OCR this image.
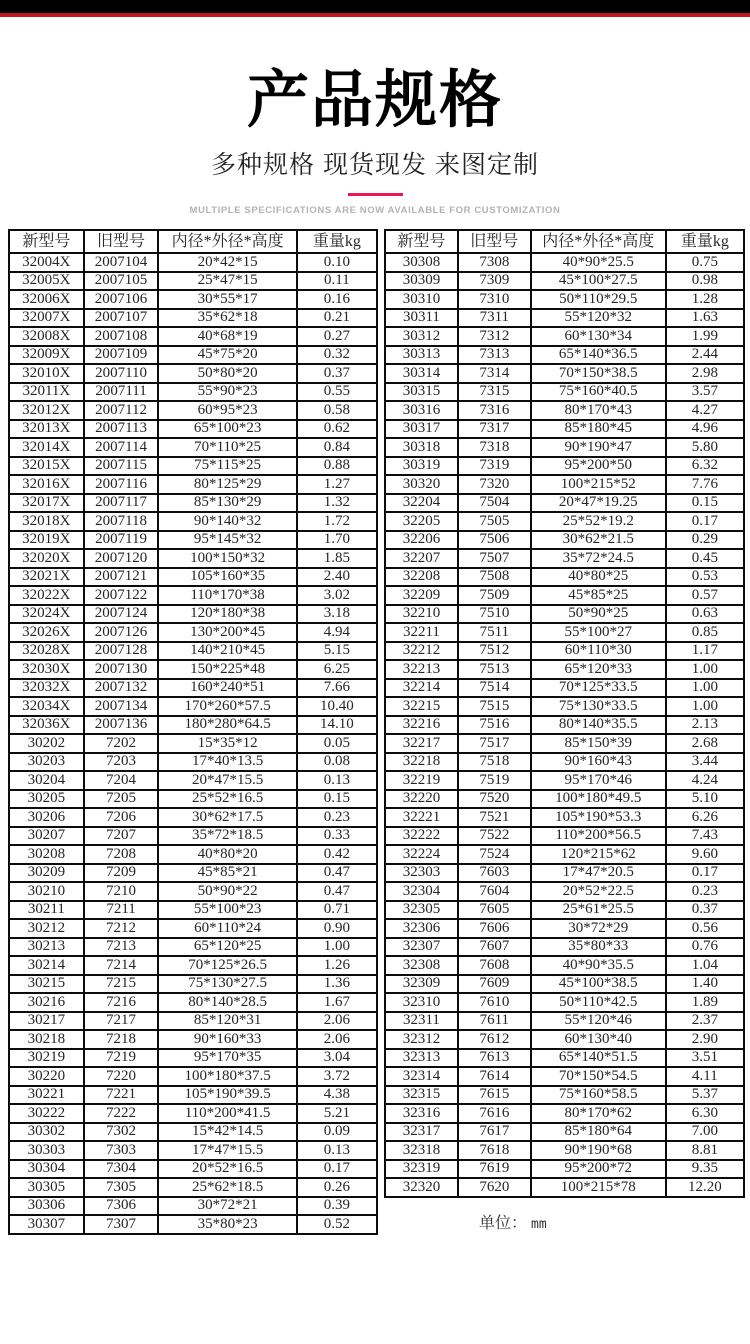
产品规格
多种规格 现货现发 来图定制
MULTIPLE SPECIFICATIONS ARE NOW AVAILABLE FOR CUSTOMIZATION
新型号	旧型号	内径*外径*高度	重量kg
32004X	2007104	20*42*15	0.10
32005X	2007105	25*47*15	0.11
32006X	2007106	30*55*17	0.16
32007X	2007107	35*62*18	0.21
32008X	2007108	40*68*19	0.27
32009X	2007109	45*75*20	0.32
32010X	2007110	50*80*20	0.37
32011X	2007111	55*90*23	0.55
32012X	2007112	60*95*23	0.58
32013X	2007113	65*100*23	0.62
32014X	2007114	70*110*25	0.84
32015X	2007115	75*115*25	0.88
32016X	2007116	80*125*29	1.27
32017X	2007117	85*130*29	1.32
32018X	2007118	90*140*32	1.72
32019X	2007119	95*145*32	1.70
32020X	2007120	100*150*32	1.85
32021X	2007121	105*160*35	2.40
32022X	2007122	110*170*38	3.02
32024X	2007124	120*180*38	3.18
32026X	2007126	130*200*45	4.94
32028X	2007128	140*210*45	5.15
32030X	2007130	150*225*48	6.25
32032X	2007132	160*240*51	7.66
32034X	2007134	170*260*57.5	10.40
32036X	2007136	180*280*64.5	14.10
30202	7202	15*35*12	0.05
30203	7203	17*40*13.5	0.08
30204	7204	20*47*15.5	0.13
30205	7205	25*52*16.5	0.15
30206	7206	30*62*17.5	0.23
30207	7207	35*72*18.5	0.33
30208	7208	40*80*20	0.42
30209	7209	45*85*21	0.47
30210	7210	50*90*22	0.47
30211	7211	55*100*23	0.71
30212	7212	60*110*24	0.90
30213	7213	65*120*25	1.00
30214	7214	70*125*26.5	1.26
30215	7215	75*130*27.5	1.36
30216	7216	80*140*28.5	1.67
30217	7217	85*120*31	2.06
30218	7218	90*160*33	2.06
30219	7219	95*170*35	3.04
30220	7220	100*180*37.5	3.72
30221	7221	105*190*39.5	4.38
30222	7222	110*200*41.5	5.21
30302	7302	15*42*14.5	0.09
30303	7303	17*47*15.5	0.13
30304	7304	20*52*16.5	0.17
30305	7305	25*62*18.5	0.26
30306	7306	30*72*21	0.39
30307	7307	35*80*23	0.52
新型号	旧型号	内径*外径*高度	重量kg
30308	7308	40*90*25.5	0.75
30309	7309	45*100*27.5	0.98
30310	7310	50*110*29.5	1.28
30311	7311	55*120*32	1.63
30312	7312	60*130*34	1.99
30313	7313	65*140*36.5	2.44
30314	7314	70*150*38.5	2.98
30315	7315	75*160*40.5	3.57
30316	7316	80*170*43	4.27
30317	7317	85*180*45	4.96
30318	7318	90*190*47	5.80
30319	7319	95*200*50	6.32
30320	7320	100*215*52	7.76
32204	7504	20*47*19.25	0.15
32205	7505	25*52*19.2	0.17
32206	7506	30*62*21.5	0.29
32207	7507	35*72*24.5	0.45
32208	7508	40*80*25	0.53
32209	7509	45*85*25	0.57
32210	7510	50*90*25	0.63
32211	7511	55*100*27	0.85
32212	7512	60*110*30	1.17
32213	7513	65*120*33	1.00
32214	7514	70*125*33.5	1.00
32215	7515	75*130*33.5	1.00
32216	7516	80*140*35.5	2.13
32217	7517	85*150*39	2.68
32218	7518	90*160*43	3.44
32219	7519	95*170*46	4.24
32220	7520	100*180*49.5	5.10
32221	7521	105*190*53.3	6.26
32222	7522	110*200*56.5	7.43
32224	7524	120*215*62	9.60
32303	7603	17*47*20.5	0.17
32304	7604	20*52*22.5	0.23
32305	7605	25*61*25.5	0.37
32306	7606	30*72*29	0.56
32307	7607	35*80*33	0.76
32308	7608	40*90*35.5	1.04
32309	7609	45*100*38.5	1.40
32310	7610	50*110*42.5	1.89
32311	7611	55*120*46	2.37
32312	7612	60*130*40	2.90
32313	7613	65*140*51.5	3.51
32314	7614	70*150*54.5	4.11
32315	7615	75*160*58.5	5.37
32316	7616	80*170*62	6.30
32317	7617	85*180*64	7.00
32318	7618	90*190*68	8.81
32319	7619	95*200*72	9.35
32320	7620	100*215*78	12.20
单位： mm
